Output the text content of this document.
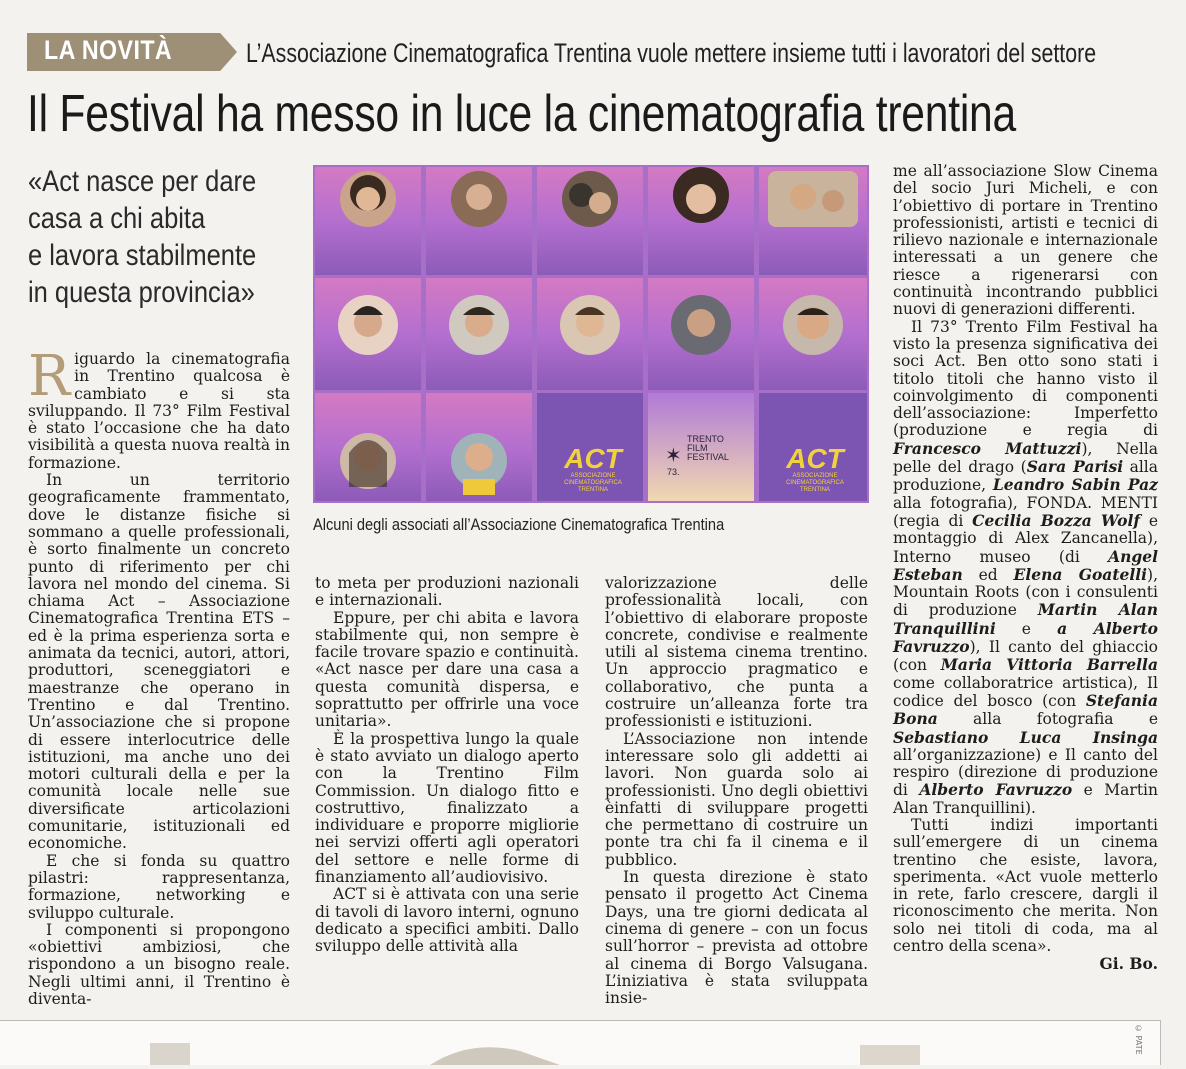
LA NOVITÀ	L’Associazione Cinematografica Trentina vuole mettere insieme tutti i lavoratori del settore
Il Festival ha messo in luce la cinematografia trentina
«Act nasce per dare
casa a chi abita
e lavora stabilmente
in questa provincia»

Riguardo la cinematografia in Trentino qualcosa è cambiato e si sta sviluppando. Il 73° Film Festival è stato l’occasione che ha dato visibilità a questa nuova realtà in formazione.

In un territorio geograficamente frammentato, dove le distanze fisiche si sommano a quelle professionali, è sorto finalmente un concreto punto di riferimento per chi lavora nel mondo del cinema. Si chiama Act – Associazione Cinematografica Trentina ETS – ed è la prima esperienza sorta e animata da tecnici, autori, attori, produttori, sceneggiatori e maestranze che operano in Trentino e dal Trentino. Un’associazione che si propone di essere interlocutrice delle istituzioni, ma anche uno dei motori culturali della e per la comunità locale nelle sue diversificate articolazioni comunitarie, istituzionali ed economiche.

E che si fonda su quattro pilastri: rappresentanza, formazione, networking e sviluppo culturale.

I componenti si propongono «obiettivi ambiziosi, che rispondono a un bisogno reale. Negli ultimi anni, il Trentino è diventa-

ACT
ASSOCIAZIONE
CINEMATOGRAFICA
TRENTINA
ACT
ASSOCIAZIONE
CINEMATOGRAFICA
TRENTINA
✶
73.
TRENTO
FILM
FESTIVAL
Alcuni degli associati all’Associazione Cinematografica Trentina

to meta per produzioni nazionali e internazionali.

Eppure, per chi abita e lavora stabilmente qui, non sempre è facile trovare spazio e continuità. «Act nasce per dare una casa a questa comunità dispersa, e soprattutto per offrirle una voce unitaria».

È la prospettiva lungo la quale è stato avviato un dialogo aperto con la Trentino Film Commission. Un dialogo fitto e costruttivo, finalizzato a individuare e proporre migliorie nei servizi offerti agli operatori del settore e nelle forme di finanziamento all’audiovisivo.

ACT si è attivata con una serie di tavoli di lavoro interni, ognuno dedicato a specifici ambiti. Dallo sviluppo delle attività alla

valorizzazione delle professionalità locali, con l’obiettivo di elaborare proposte concrete, condivise e realmente utili al sistema cinema trentino. Un approccio pragmatico e collaborativo, che punta a costruire un’alleanza forte tra professionisti e istituzioni.

L’Associazione non intende interessare solo gli addetti ai lavori. Non guarda solo ai professionisti. Uno degli obiettivi èinfatti di sviluppare progetti che permettano di costruire un ponte tra chi fa il cinema e il pubblico.

In questa direzione è stato pensato il progetto Act Cinema Days, una tre giorni dedicata al cinema di genere – con un focus sull’horror – prevista ad ottobre al cinema di Borgo Valsugana. L’iniziativa è stata sviluppata insie-

me all’associazione Slow Cinema del socio Juri Micheli, e con l’obiettivo di portare in Trentino professionisti, artisti e tecnici di rilievo nazionale e internazionale interessati a un genere che riesce a rigenerarsi con continuità incontrando pubblici nuovi di generazioni differenti.

Il 73° Trento Film Festival ha visto la presenza significativa dei soci Act. Ben otto sono stati i titolo titoli che hanno visto il coinvolgimento di componenti dell’associazione: Imperfetto (produzione e regia di Francesco Mattuzzi), Nella pelle del drago (Sara Parisi alla produzione, Leandro Sabin Paz alla fotografia), FONDA. MENTI (regia di Cecilia Bozza Wolf e montaggio di Alex Zancanella), Interno museo (di Angel Esteban ed Elena Goatelli), Mountain Roots (con i consulenti di produzione Martin Alan Tranquillini e a Alberto Favruzzo), Il canto del ghiaccio (con Maria Vittoria Barrella come collaboratrice artistica), Il codice del bosco (con Stefania Bona alla fotografia e Sebastiano Luca Insinga all’organizzazione) e Il canto del respiro (direzione di produzione di Alberto Favruzzo e Martin Alan Tranquillini).

Tutti indizi importanti sull’emergere di un cinema trentino che esiste, lavora, sperimenta. «Act vuole metterlo in rete, farlo crescere, dargli il riconoscimento che merita. Non solo nei titoli di coda, ma al centro della scena».

Gi. Bo.
© PATE
